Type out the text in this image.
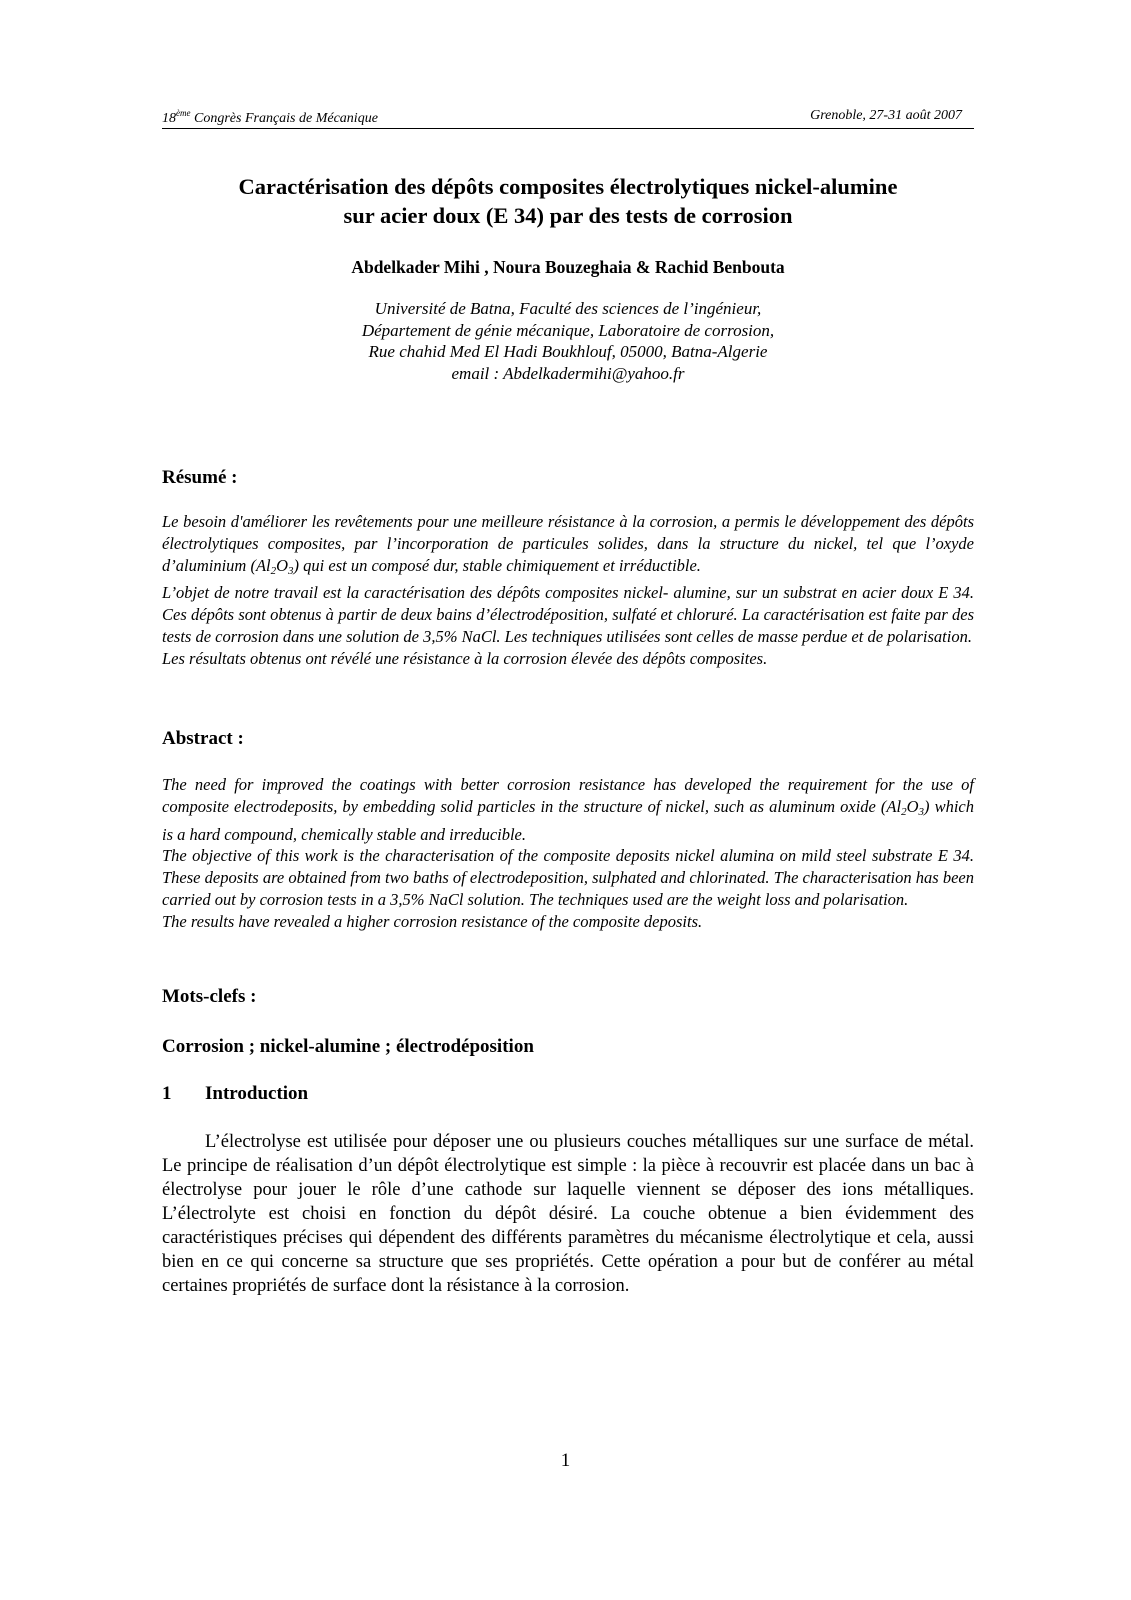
18ème Congrès Français de Mécanique	Grenoble, 27-31 août 2007
Caractérisation des dépôts composites électrolytiques nickel-alumine
sur acier doux (E 34) par des tests de corrosion
Abdelkader Mihi , Noura Bouzeghaia & Rachid Benbouta
Université de Batna, Faculté des sciences de l’ingénieur,
Département de génie mécanique, Laboratoire de corrosion,
Rue chahid Med El Hadi Boukhlouf, 05000, Batna-Algerie
email : Abdelkadermihi@yahoo.fr
Résumé :

Le besoin d'améliorer les revêtements pour une meilleure résistance à la corrosion, a permis le développement des dépôts électrolytiques composites, par l’incorporation de particules solides, dans la structure du nickel, tel que l’oxyde d’aluminium $(Al_2O_3)$ qui est un composé dur, stable chimiquement et irréductible.

L’objet de notre travail est la caractérisation des dépôts composites nickel- alumine, sur un substrat en acier doux E 34. Ces dépôts sont obtenus à partir de deux bains d’électrodéposition, sulfaté et chloruré. La caractérisation est faite par des tests de corrosion dans une solution de 3,5% NaCl. Les techniques utilisées sont celles de masse perdue et de polarisation.

Les résultats obtenus ont révélé une résistance à la corrosion élevée des dépôts composites.

Abstract :

The need for improved the coatings with better corrosion resistance has developed the requirement for the use of composite electrodeposits, by embedding solid particles in the structure of nickel, such as aluminum oxide $(Al_2O_3)$ which is a hard compound, chemically stable and irreducible.

The objective of this work is the characterisation of the composite deposits nickel alumina on mild steel substrate E 34. These deposits are obtained from two baths of electrodeposition, sulphated and chlorinated. The characterisation has been carried out by corrosion tests in a 3,5% NaCl solution. The techniques used are the weight loss and polarisation.

The results have revealed a higher corrosion resistance of the composite deposits.

Mots-clefs :
Corrosion ; nickel-alumine ; électrodéposition
1 Introduction

L’électrolyse est utilisée pour déposer une ou plusieurs couches métalliques sur une surface de métal. Le principe de réalisation d’un dépôt électrolytique est simple : la pièce à recouvrir est placée dans un bac à électrolyse pour jouer le rôle d’une cathode sur laquelle viennent se déposer des ions métalliques. L’électrolyte est choisi en fonction du dépôt désiré. La couche obtenue a bien évidemment des caractéristiques précises qui dépendent des différents paramètres du mécanisme électrolytique et cela, aussi bien en ce qui concerne sa structure que ses propriétés. Cette opération a pour but de conférer au métal certaines propriétés de surface dont la résistance à la corrosion.

1
